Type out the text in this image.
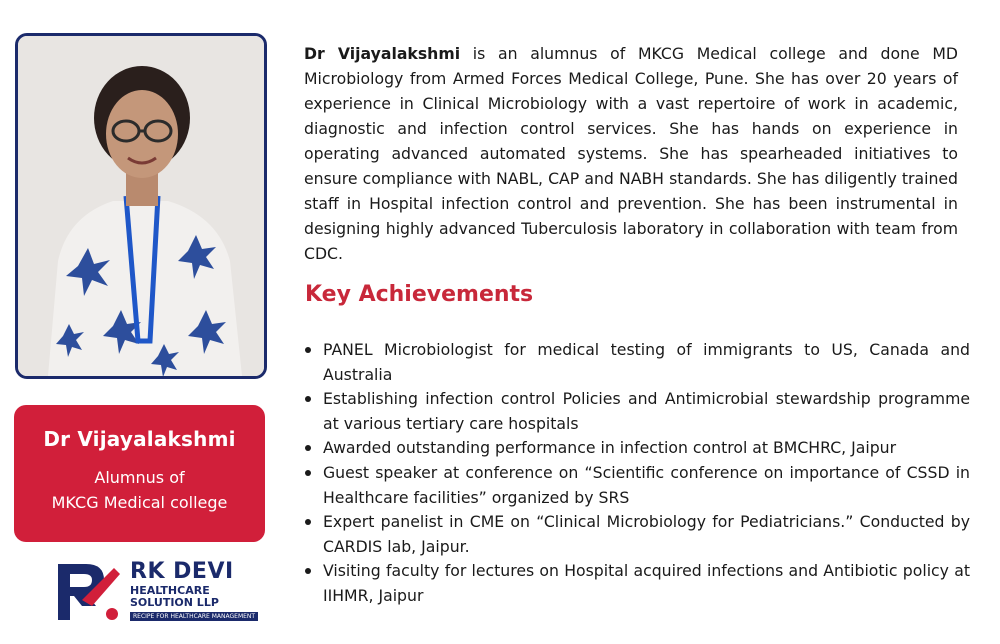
Dr Vijayalakshmi
Alumnus of
MKCG Medical college
RK DEVI
HEALTHCARE
SOLUTION LLP
RECIPE FOR HEALTHCARE MANAGEMENT

Dr Vijayalakshmi is an alumnus of MKCG Medical college and done MD Microbiology from Armed Forces Medical College, Pune. She has over 20 years of experience in Clinical Microbiology with a vast repertoire of work in academic, diagnostic and infection control services. She has hands on experience in operating advanced automated systems. She has spearheaded initiatives to ensure compliance with NABL, CAP and NABH standards. She has diligently trained staff in Hospital infection control and prevention. She has been instrumental in designing highly advanced Tuberculosis laboratory in collaboration with team from CDC.

Key Achievements
PANEL Microbiologist for medical testing of immigrants to US, Canada and Australia
Establishing infection control Policies and Antimicrobial stewardship programme at various tertiary care hospitals
Awarded outstanding performance in infection control at BMCHRC, Jaipur
Guest speaker at conference on “Scientific conference on importance of CSSD in Healthcare facilities” organized by SRS
Expert panelist in CME on “Clinical Microbiology for Pediatricians.” Conducted by CARDIS lab, Jaipur.
Visiting faculty for lectures on Hospital acquired infections and Antibiotic policy at IIHMR, Jaipur
